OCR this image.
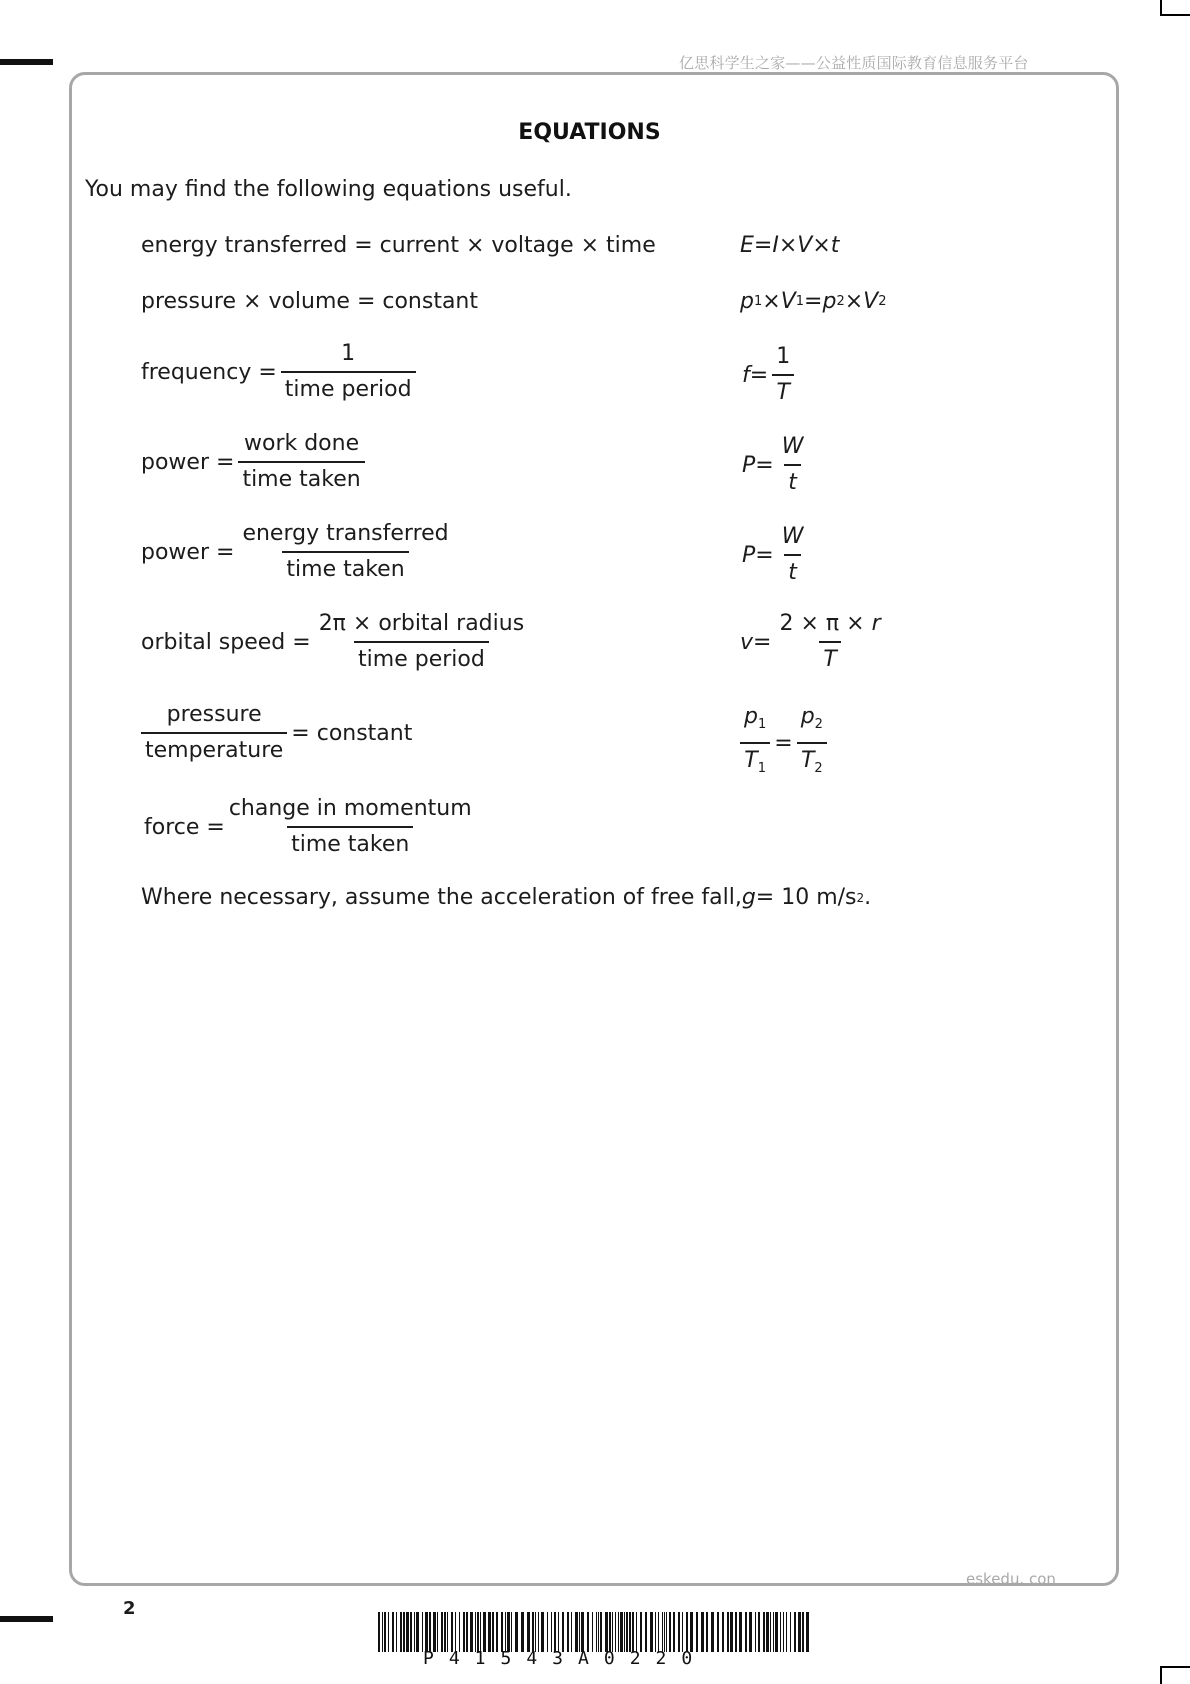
亿思科学生之家——公益性质国际教育信息服务平台
EQUATIONS
You may find the following equations useful.
energy transferred = current × voltage × time	E = I × V × t
pressure × volume = constant	p 1 × V 1 = p 2 × V 2
frequency = $\frac{1}{\text{time period}}$	$f = \frac{1}{T}$
power = $\frac{\text{work done}}{\text{time taken}}$	$P = \frac{W}{t}$
power = $\frac{\text{energy transferred}}{\text{time taken}}$	$P = \frac{W}{t}$
orbital speed = $\frac{\text{2π × orbital radius}}{\text{time period}}$	$v = \frac{2 \times \pi \times r}{T}$
$\frac{\text{pressure}}{\text{temperature}}$ = constant	$\frac{p_1}{T_1} = \frac{p_2}{T_2}$
force = $\frac{\text{change in momentum}}{\text{time taken}}$
Where necessary, assume the acceleration of free fall, g = 10 m/s 2 .
eskedu. con
2
P41543A0220
